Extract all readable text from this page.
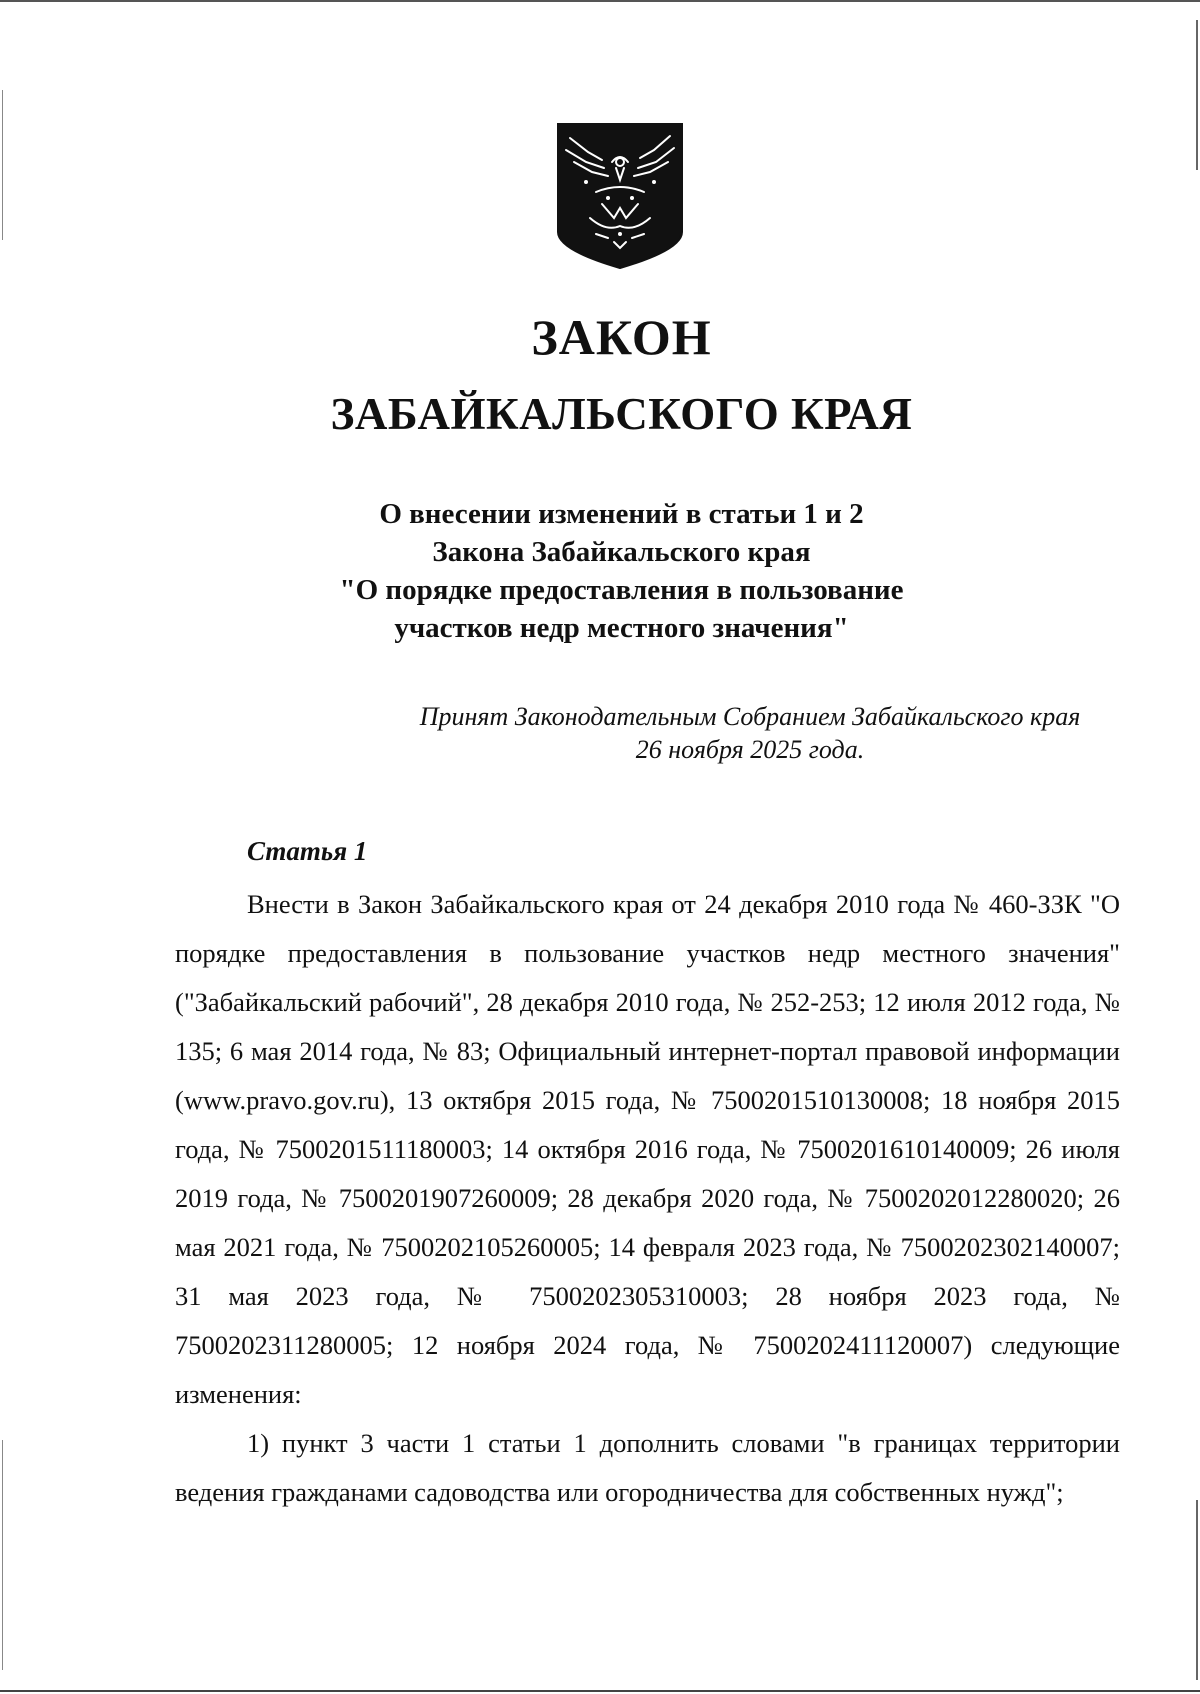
ЗАКОН
ЗАБАЙКАЛЬСКОГО КРАЯ
О внесении изменений в статьи 1 и 2
Закона Забайкальского края
"О порядке предоставления в пользование
участков недр местного значения"
Принят Законодательным Собранием Забайкальского края
26 ноября 2025 года.
Статья 1

Внести в Закон Забайкальского края от 24 декабря 2010 года № 460-ЗЗК "О порядке предоставления в пользование участков недр местного значения" ("Забайкальский рабочий", 28 декабря 2010 года, № 252-253; 12 июля 2012 года, № 135; 6 мая 2014 года, № 83; Официальный интернет-портал правовой информации (www.pravo.gov.ru), 13 октября 2015 года, № 7500201510130008; 18 ноября 2015 года, № 7500201511180003; 14 октября 2016 года, № 7500201610140009; 26 июля 2019 года, № 7500201907260009; 28 декабря 2020 года, № 7500202012280020; 26 мая 2021 года, № 7500202105260005; 14 февраля 2023 года, № 7500202302140007; 31 мая 2023 года, № 7500202305310003; 28 ноября 2023 года, № 7500202311280005; 12 ноября 2024 года, № 7500202411120007) следующие изменения:

1) пункт 3 части 1 статьи 1 дополнить словами "в границах территории ведения гражданами садоводства или огородничества для собственных нужд";
